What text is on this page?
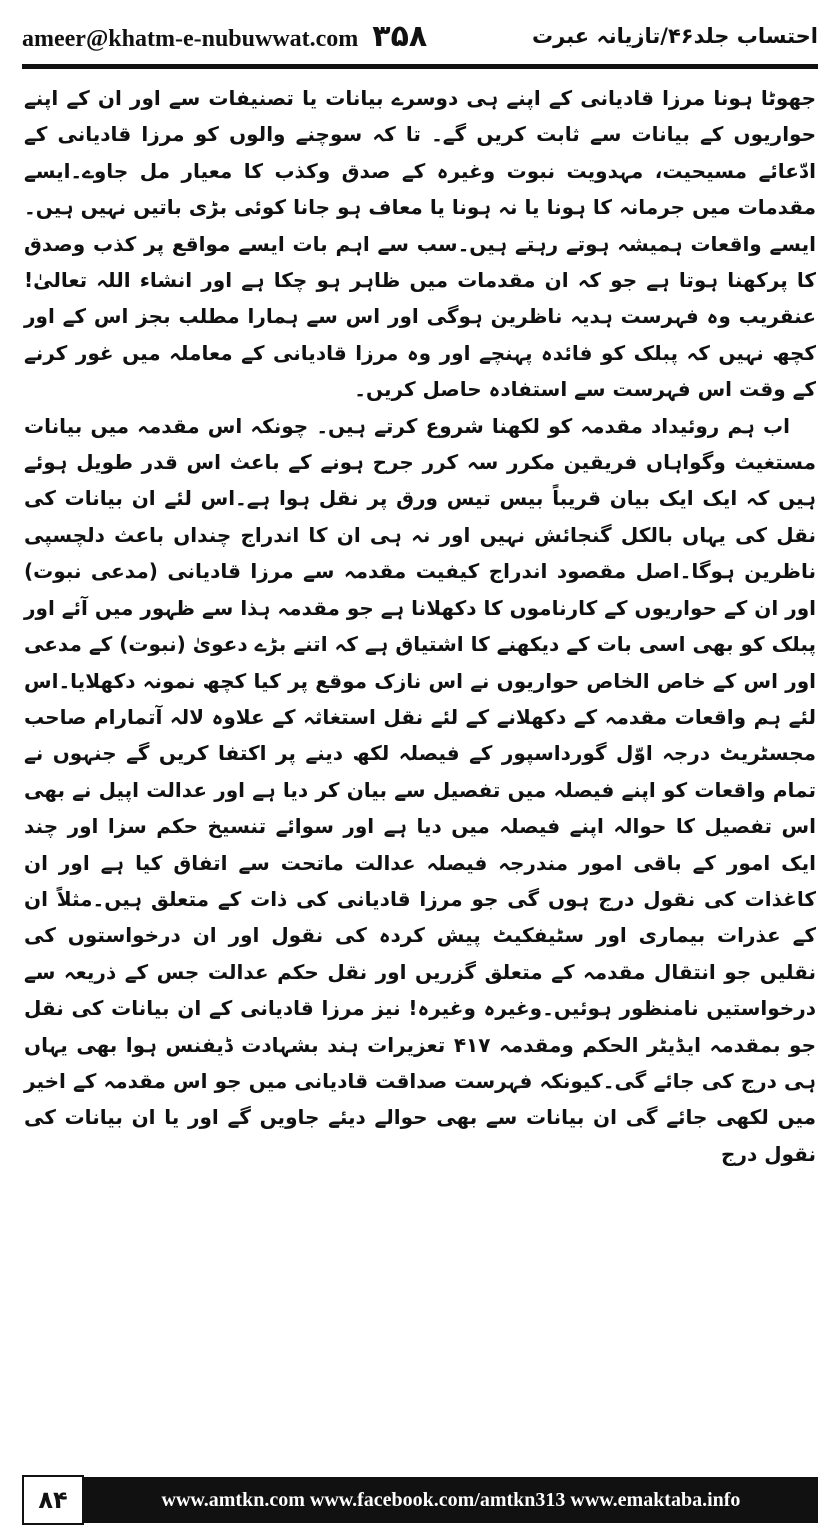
ameer@khatm-e-nubuwwat.com ۳۵۸	احتساب جلد۴۶/تازیانہ عبرت

جھوٹا ہونا مرزا قادیانی کے اپنے ہی دوسرے بیانات یا تصنیفات سے اور ان کے اپنے حواریوں کے بیانات سے ثابت کریں گے۔ تا کہ سوچنے والوں کو مرزا قادیانی کے ادّعائے مسیحیت، مہدویت نبوت وغیرہ کے صدق وکذب کا معیار مل جاوے۔ایسے مقدمات میں جرمانہ کا ہونا یا نہ ہونا یا معاف ہو جانا کوئی بڑی باتیں نہیں ہیں۔ایسے واقعات ہمیشہ ہوتے رہتے ہیں۔سب سے اہم بات ایسے مواقع پر کذب وصدق کا پرکھنا ہوتا ہے جو کہ ان مقدمات میں ظاہر ہو چکا ہے اور انشاء اللہ تعالیٰ! عنقریب وہ فہرست ہدیہ ناظرین ہوگی اور اس سے ہمارا مطلب بجز اس کے اور کچھ نہیں کہ پبلک کو فائدہ پہنچے اور وہ مرزا قادیانی کے معاملہ میں غور کرنے کے وقت اس فہرست سے استفادہ حاصل کریں۔

اب ہم روئیداد مقدمہ کو لکھنا شروع کرتے ہیں۔ چونکہ اس مقدمہ میں بیانات مستغیث وگواہاں فریقین مکرر سہ کرر جرح ہونے کے باعث اس قدر طویل ہوئے ہیں کہ ایک ایک بیان قریباً بیس تیس ورق پر نقل ہوا ہے۔اس لئے ان بیانات کی نقل کی یہاں بالکل گنجائش نہیں اور نہ ہی ان کا اندراج چنداں باعث دلچسپی ناظرین ہوگا۔اصل مقصود اندراج کیفیت مقدمہ سے مرزا قادیانی (مدعی نبوت) اور ان کے حواریوں کے کارناموں کا دکھلانا ہے جو مقدمہ ہذا سے ظہور میں آئے اور پبلک کو بھی اسی بات کے دیکھنے کا اشتیاق ہے کہ اتنے بڑے دعویٰ (نبوت) کے مدعی اور اس کے خاص الخاص حواریوں نے اس نازک موقع پر کیا کچھ نمونہ دکھلایا۔اس لئے ہم واقعات مقدمہ کے دکھلانے کے لئے نقل استغاثہ کے علاوہ لالہ آتمارام صاحب مجسٹریٹ درجہ اوّل گورداسپور کے فیصلہ لکھ دینے پر اکتفا کریں گے جنہوں نے تمام واقعات کو اپنے فیصلہ میں تفصیل سے بیان کر دیا ہے اور عدالت اپیل نے بھی اس تفصیل کا حوالہ اپنے فیصلہ میں دیا ہے اور سوائے تنسیخ حکم سزا اور چند ایک امور کے باقی امور مندرجہ فیصلہ عدالت ماتحت سے اتفاق کیا ہے اور ان کاغذات کی نقول درج ہوں گی جو مرزا قادیانی کی ذات کے متعلق ہیں۔مثلاً ان کے عذرات بیماری اور سٹیفکیٹ پیش کردہ کی نقول اور ان درخواستوں کی نقلیں جو انتقال مقدمہ کے متعلق گزریں اور نقل حکم عدالت جس کے ذریعہ سے درخواستیں نامنظور ہوئیں۔وغیرہ وغیرہ! نیز مرزا قادیانی کے ان بیانات کی نقل جو بمقدمہ ایڈیٹر الحکم ومقدمہ ۴۱۷ تعزیرات ہند بشہادت ڈیفنس ہوا بھی یہاں ہی درج کی جائے گی۔کیونکہ فہرست صداقت قادیانی میں جو اس مقدمہ کے اخیر میں لکھی جائے گی ان بیانات سے بھی حوالے دیئے جاویں گے اور یا ان بیانات کی نقول درج

۸۴	www.amtkn.com www.facebook.com/amtkn313 www.emaktaba.info
